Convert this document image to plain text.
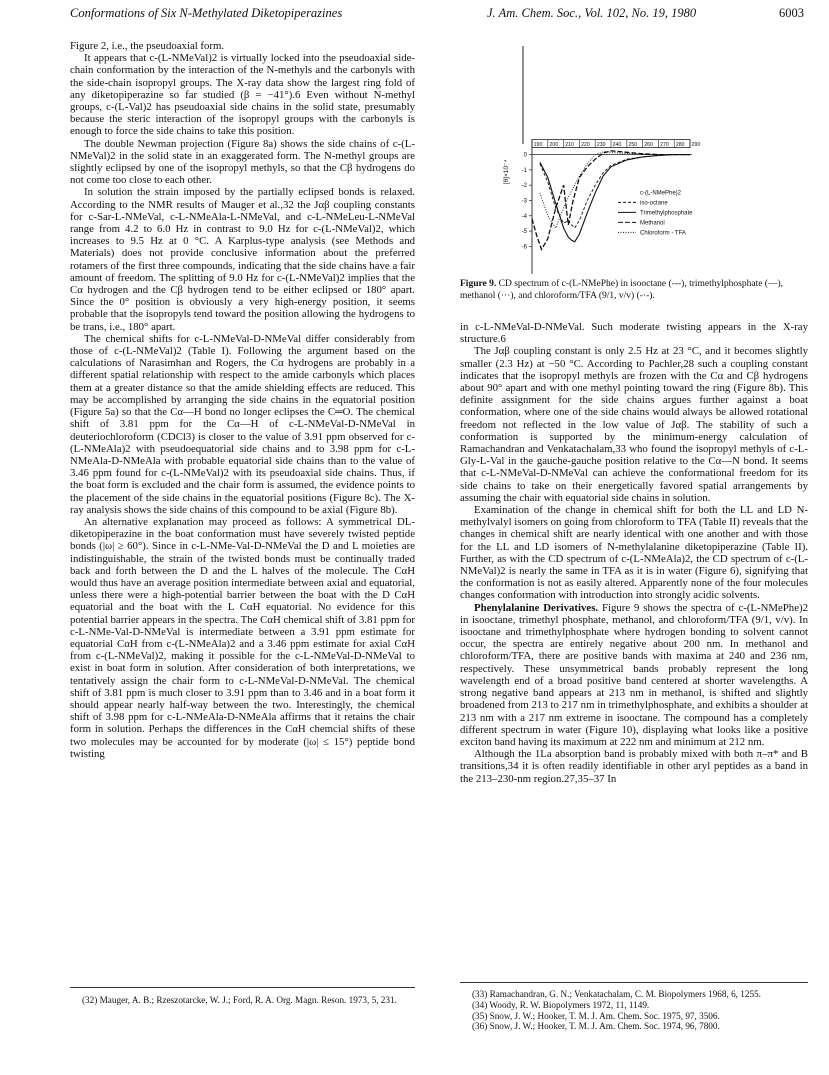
Conformations of Six N-Methylated Diketopiperazines	J. Am. Chem. Soc., Vol. 102, No. 19, 1980	6003

Figure 2, i.e., the pseudoaxial form.

It appears that c-(L-NMeVal)2 is virtually locked into the pseudoaxial side-chain conformation by the interaction of the N-methyls and the carbonyls with the side-chain isopropyl groups. The X-ray data show the largest ring fold of any diketopiperazine so far studied (β = −41°).6 Even without N-methyl groups, c-(L-Val)2 has pseudoaxial side chains in the solid state, presumably because the steric interaction of the isopropyl groups with the carbonyls is enough to force the side chains to take this position.

The double Newman projection (Figure 8a) shows the side chains of c-(L-NMeVal)2 in the solid state in an exaggerated form. The N-methyl groups are slightly eclipsed by one of the isopropyl methyls, so that the Cβ hydrogens do not come too close to each other.

In solution the strain imposed by the partially eclipsed bonds is relaxed. According to the NMR results of Mauger et al.,32 the Jαβ coupling constants for c-Sar-L-NMeVal, c-L-NMeAla-L-NMeVal, and c-L-NMeLeu-L-NMeVal range from 4.2 to 6.0 Hz in contrast to 9.0 Hz for c-(L-NMeVal)2, which increases to 9.5 Hz at 0 °C. A Karplus-type analysis (see Methods and Materials) does not provide conclusive information about the preferred rotamers of the first three compounds, indicating that the side chains have a fair amount of freedom. The splitting of 9.0 Hz for c-(L-NMeVal)2 implies that the Cα hydrogen and the Cβ hydrogen tend to be either eclipsed or 180° apart. Since the 0° position is obviously a very high-energy position, it seems probable that the isopropyls tend toward the position allowing the hydrogens to be trans, i.e., 180° apart.

The chemical shifts for c-L-NMeVal-D-NMeVal differ considerably from those of c-(L-NMeVal)2 (Table I). Following the argument based on the calculations of Narasimhan and Rogers, the Cα hydrogens are probably in a different spatial relationship with respect to the amide carbonyls which places them at a greater distance so that the amide shielding effects are reduced. This may be accomplished by arranging the side chains in the equatorial position (Figure 5a) so that the Cα—H bond no longer eclipses the C═O. The chemical shift of 3.81 ppm for the Cα—H of c-L-NMeVal-D-NMeVal in deuteriochloroform (CDCl3) is closer to the value of 3.91 ppm observed for c-(L-NMeAla)2 with pseudoequatorial side chains and to 3.98 ppm for c-L-NMeAla-D-NMeAla with probable equatorial side chains than to the value of 3.46 ppm found for c-(L-NMeVal)2 with its pseudoaxial side chains. Thus, if the boat form is excluded and the chair form is assumed, the evidence points to the placement of the side chains in the equatorial positions (Figure 8c). The X-ray analysis shows the side chains of this compound to be axial (Figure 8b).

An alternative explanation may proceed as follows: A symmetrical DL-diketopiperazine in the boat conformation must have severely twisted peptide bonds (|ω| ≥ 60°). Since in c-L-NMe-Val-D-NMeVal the D and L moieties are indistinguishable, the strain of the twisted bonds must be continually traded back and forth between the D and the L halves of the molecule. The CαH would thus have an average position intermediate between axial and equatorial, unless there were a high-potential barrier between the boat with the D CαH equatorial and the boat with the L CαH equatorial. No evidence for this potential barrier appears in the spectra. The CαH chemical shift of 3.81 ppm for c-L-NMe-Val-D-NMeVal is intermediate between a 3.91 ppm estimate for equatorial CαH from c-(L-NMeAla)2 and a 3.46 ppm estimate for axial CαH from c-(L-NMeVal)2, making it possible for the c-L-NMeVal-D-NMeVal to exist in boat form in solution. After consideration of both interpretations, we tentatively assign the chair form to c-L-NMeVal-D-NMeVal. The chemical shift of 3.81 ppm is much closer to 3.91 ppm than to 3.46 and in a boat form it should appear nearly half-way between the two. Interestingly, the chemical shift of 3.98 ppm for c-L-NMeAla-D-NMeAla affirms that it retains the chair form in solution. Perhaps the differences in the CαH chemcial shifts of these two molecules may be accounted for by moderate (|ω| ≤ 15°) peptide bond twisting

190 200 210 220 230 240 250 260 270 280 290
0
-1
-2
-3
-4
-5
-6
[θ]×10⁻⁴
c-(L-NMePhe)2
iso-octane
Trimethylphosphate
Methanol
Chloroform - TFA
Figure 9. CD spectrum of c-(L-NMePhe) in isooctane (---), trimethylphosphate (—), methanol (···), and chloroform/TFA (9/1, v/v) (-·-).

in c-L-NMeVal-D-NMeVal. Such moderate twisting appears in the X-ray structure.6

The Jαβ coupling constant is only 2.5 Hz at 23 °C, and it becomes slightly smaller (2.3 Hz) at −50 °C. According to Pachler,28 such a coupling constant indicates that the isopropyl methyls are frozen with the Cα and Cβ hydrogens about 90° apart and with one methyl pointing toward the ring (Figure 8b). This definite assignment for the side chains argues further against a boat conformation, where one of the side chains would always be allowed rotational freedom not reflected in the low value of Jαβ. The stability of such a conformation is supported by the minimum-energy calculation of Ramachandran and Venkatachalam,33 who found the isopropyl methyls of c-L-Gly-L-Val in the gauche-gauche position relative to the Cα—N bond. It seems that c-L-NMeVal-D-NMeVal can achieve the conformational freedom for its side chains to take on their energetically favored spatial arrangements by assuming the chair with equatorial side chains in solution.

Examination of the change in chemical shift for both the LL and LD N-methylvalyl isomers on going from chloroform to TFA (Table II) reveals that the changes in chemical shift are nearly identical with one another and with those for the LL and LD isomers of N-methylalanine diketopiperazine (Table II). Further, as with the CD spectrum of c-(L-NMeAla)2, the CD spectrum of c-(L-NMeVal)2 is nearly the same in TFA as it is in water (Figure 6), signifying that the conformation is not as easily altered. Apparently none of the four molecules changes conformation with introduction into strongly acidic solvents.

Phenylalanine Derivatives. Figure 9 shows the spectra of c-(L-NMePhe)2 in isooctane, trimethyl phosphate, methanol, and chloroform/TFA (9/1, v/v). In isooctane and trimethylphosphate where hydrogen bonding to solvent cannot occur, the spectra are entirely negative about 200 nm. In methanol and chloroform/TFA, there are positive bands with maxima at 240 and 236 nm, respectively. These unsymmetrical bands probably represent the long wavelength end of a broad positive band centered at shorter wavelengths. A strong negative band appears at 213 nm in methanol, is shifted and slightly broadened from 213 to 217 nm in trimethylphosphate, and exhibits a shoulder at 213 nm with a 217 nm extreme in isooctane. The compound has a completely different spectrum in water (Figure 10), displaying what looks like a positive exciton band having its maximum at 222 nm and minimum at 212 nm.

Although the 1La absorption band is probably mixed with both π–π* and B transitions,34 it is often readily identifiable in other aryl peptides as a band in the 213–230-nm region.27,35–37 In

(32) Mauger, A. B.; Rzeszotarcke, W. J.; Ford, R. A. Org. Magn. Reson. 1973, 5, 231.

(33) Ramachandran, G. N.; Venkatachalam, C. M. Biopolymers 1968, 6, 1255.

(34) Woody, R. W. Biopolymers 1972, 11, 1149.

(35) Snow, J. W.; Hooker, T. M. J. Am. Chem. Soc. 1975, 97, 3506.

(36) Snow, J. W.; Hooker, T. M. J. Am. Chem. Soc. 1974, 96, 7800.
